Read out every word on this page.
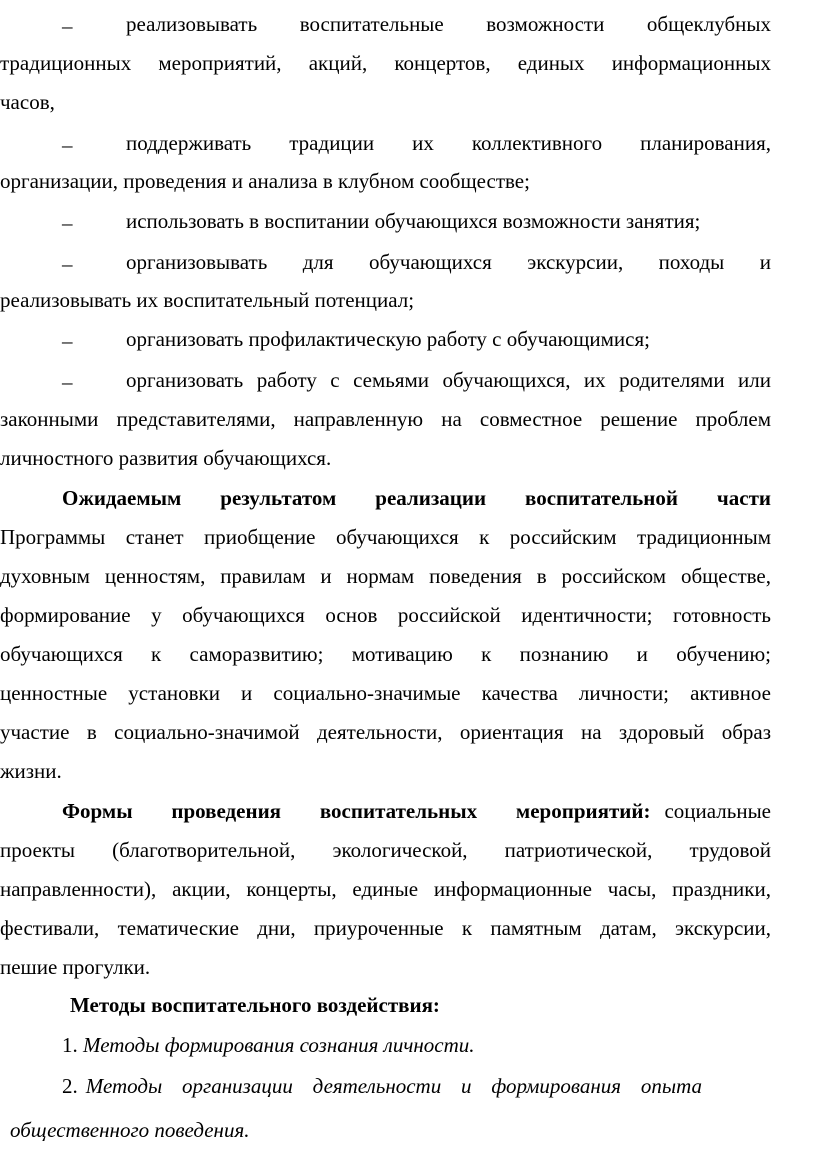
–	реализовывать воспитательные возможности общеклубных
традиционных мероприятий, акций, концертов, единых информационных
часов,
–	поддерживать традиции их коллективного планирования,
организации, проведения и анализа в клубном сообществе;
–	использовать в воспитании обучающихся возможности занятия;
–	организовывать для обучающихся экскурсии, походы и
реализовывать их воспитательный потенциал;
–	организовать профилактическую работу с обучающимися;
–	организовать работу с семьями обучающихся, их родителями или
законными представителями, направленную на совместное решение проблем
личностного развития обучающихся.
Ожидаемым результатом реализации воспитательной части
Программы станет приобщение обучающихся к российским традиционным
духовным ценностям, правилам и нормам поведения в российском обществе,
формирование у обучающихся основ российской идентичности; готовность
обучающихся к саморазвитию; мотивацию к познанию и обучению;
ценностные установки и социально-значимые качества личности; активное
участие в социально-значимой деятельности, ориентация на здоровый образ
жизни.
Формы проведения воспитательных мероприятий: социальные
проекты (благотворительной, экологической, патриотической, трудовой
направленности), акции, концерты, единые информационные часы, праздники,
фестивали, тематические дни, приуроченные к памятным датам, экскурсии,
пешие прогулки.
Методы воспитательного воздействия:
1. Методы формирования сознания личности.
2. Методы организации деятельности и формирования опыта
общественного поведения.
